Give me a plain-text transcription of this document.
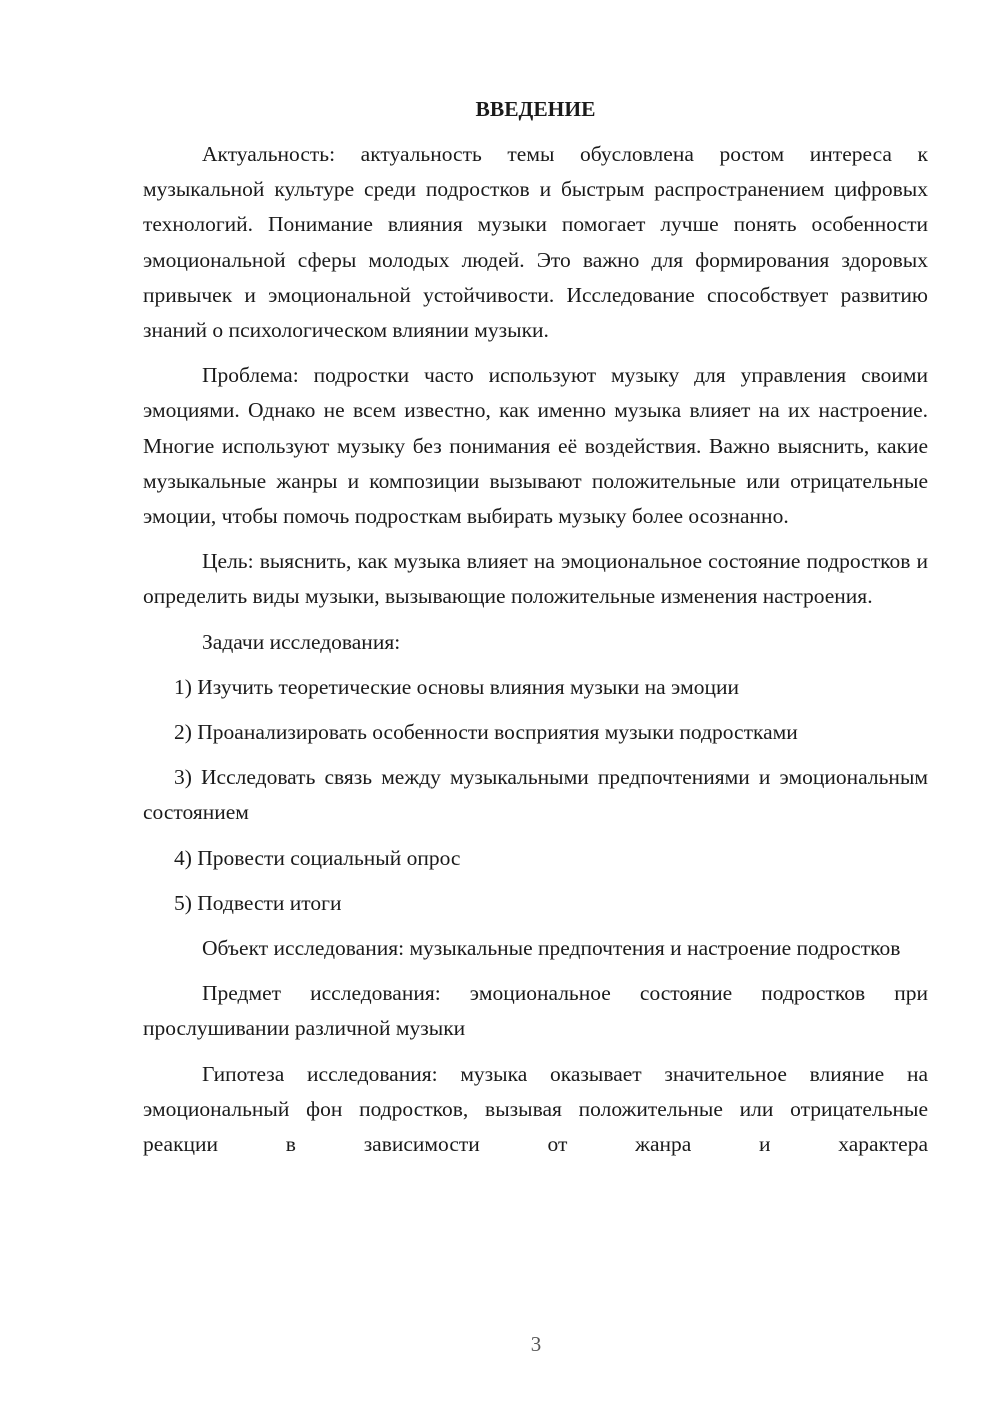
ВВЕДЕНИЕ

Актуальность: актуальность темы обусловлена ростом интереса к музыкальной культуре среди подростков и быстрым распространением цифровых технологий. Понимание влияния музыки помогает лучше понять особенности эмоциональной сферы молодых людей. Это важно для формирования здоровых привычек и эмоциональной устойчивости. Исследование способствует развитию знаний о психологическом влиянии музыки.

Проблема: подростки часто используют музыку для управления своими эмоциями. Однако не всем известно, как именно музыка влияет на их настроение. Многие используют музыку без понимания её воздействия. Важно выяснить, какие музыкальные жанры и композиции вызывают положительные или отрицательные эмоции, чтобы помочь подросткам выбирать музыку более осознанно.

Цель: выяснить, как музыка влияет на эмоциональное состояние подростков и определить виды музыки, вызывающие положительные изменения настроения.

Задачи исследования:

1) Изучить теоретические основы влияния музыки на эмоции

2) Проанализировать особенности восприятия музыки подростками

3) Исследовать связь между музыкальными предпочтениями и эмоциональным состоянием

4) Провести социальный опрос

5) Подвести итоги

Объект исследования: музыкальные предпочтения и настроение подростков

Предмет исследования: эмоциональное состояние подростков при прослушивании различной музыки

Гипотеза исследования: музыка оказывает значительное влияние на эмоциональный фон подростков, вызывая положительные или отрицательные реакции в зависимости от жанра и характера

3
